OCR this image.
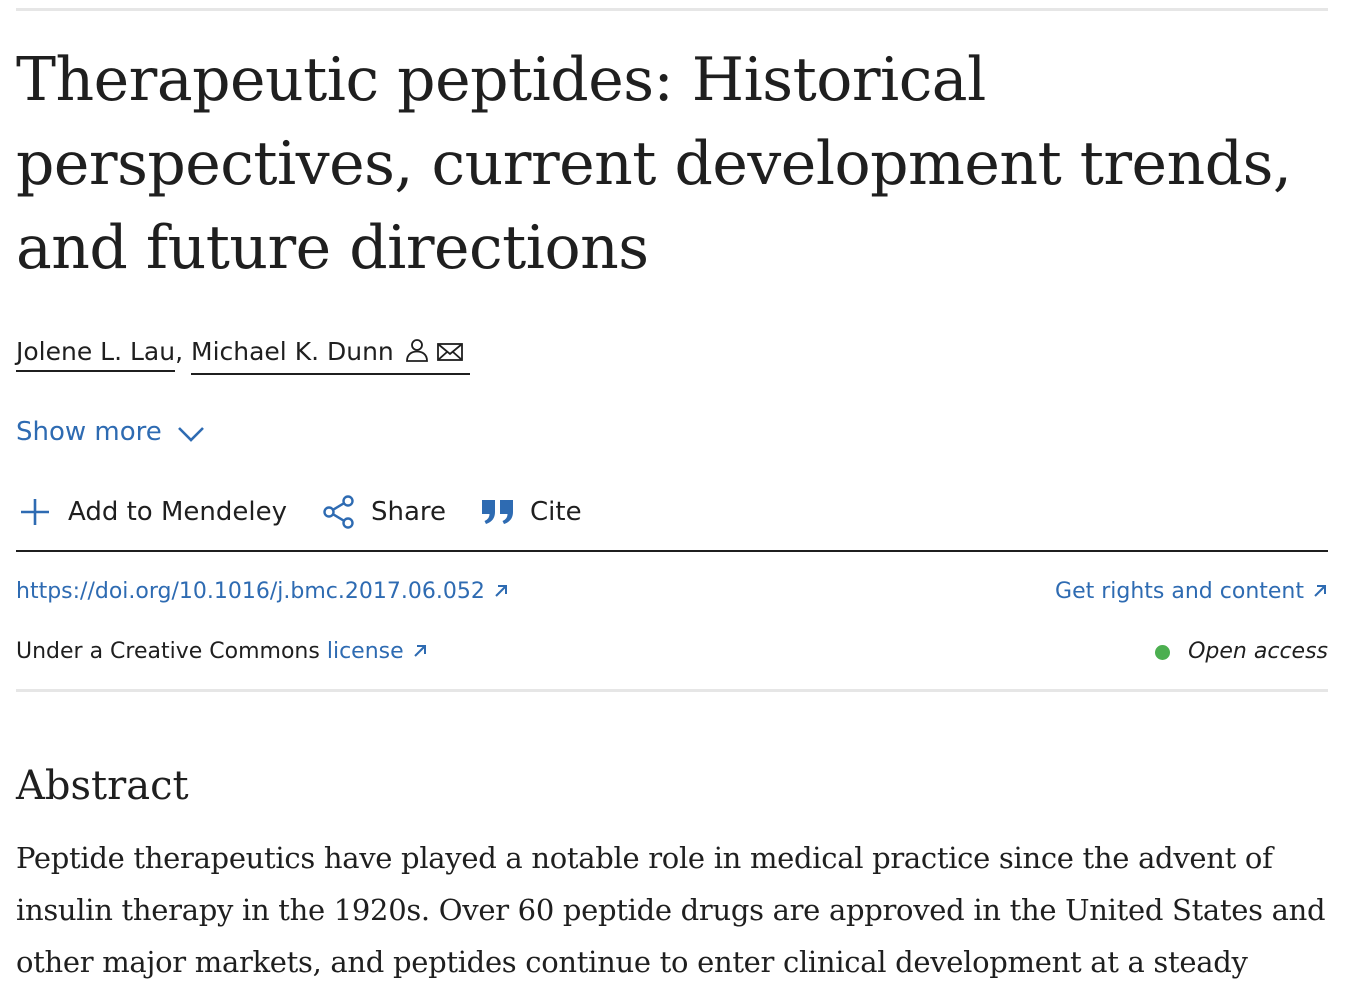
Therapeutic peptides: Historical perspectives, current development trends, and future directions
Jolene L. Lau, Michael K. Dunn
Show more
Add to Mendeley	Share	Cite
https://doi.org/10.1016/j.bmc.2017.06.052	Get rights and content
Under a Creative Commons license	Open access
Abstract

Peptide therapeutics have played a notable role in medical practice since the advent of insulin therapy in the 1920s. Over 60 peptide drugs are approved in the United States and other major markets, and peptides continue to enter clinical development at a steady
